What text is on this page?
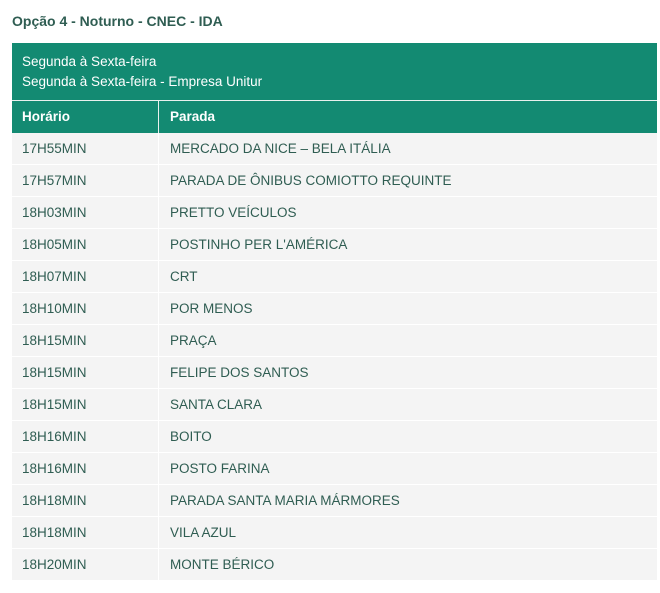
Opção 4 - Noturno - CNEC - IDA
Segunda à Sexta-feira
Segunda à Sexta-feira - Empresa Unitur
Horário	Parada
17H55MIN	MERCADO DA NICE – BELA ITÁLIA
17H57MIN	PARADA DE ÔNIBUS COMIOTTO REQUINTE
18H03MIN	PRETTO VEÍCULOS
18H05MIN	POSTINHO PER L'AMÉRICA
18H07MIN	CRT
18H10MIN	POR MENOS
18H15MIN	PRAÇA
18H15MIN	FELIPE DOS SANTOS
18H15MIN	SANTA CLARA
18H16MIN	BOITO
18H16MIN	POSTO FARINA
18H18MIN	PARADA SANTA MARIA MÁRMORES
18H18MIN	VILA AZUL
18H20MIN	MONTE BÉRICO
